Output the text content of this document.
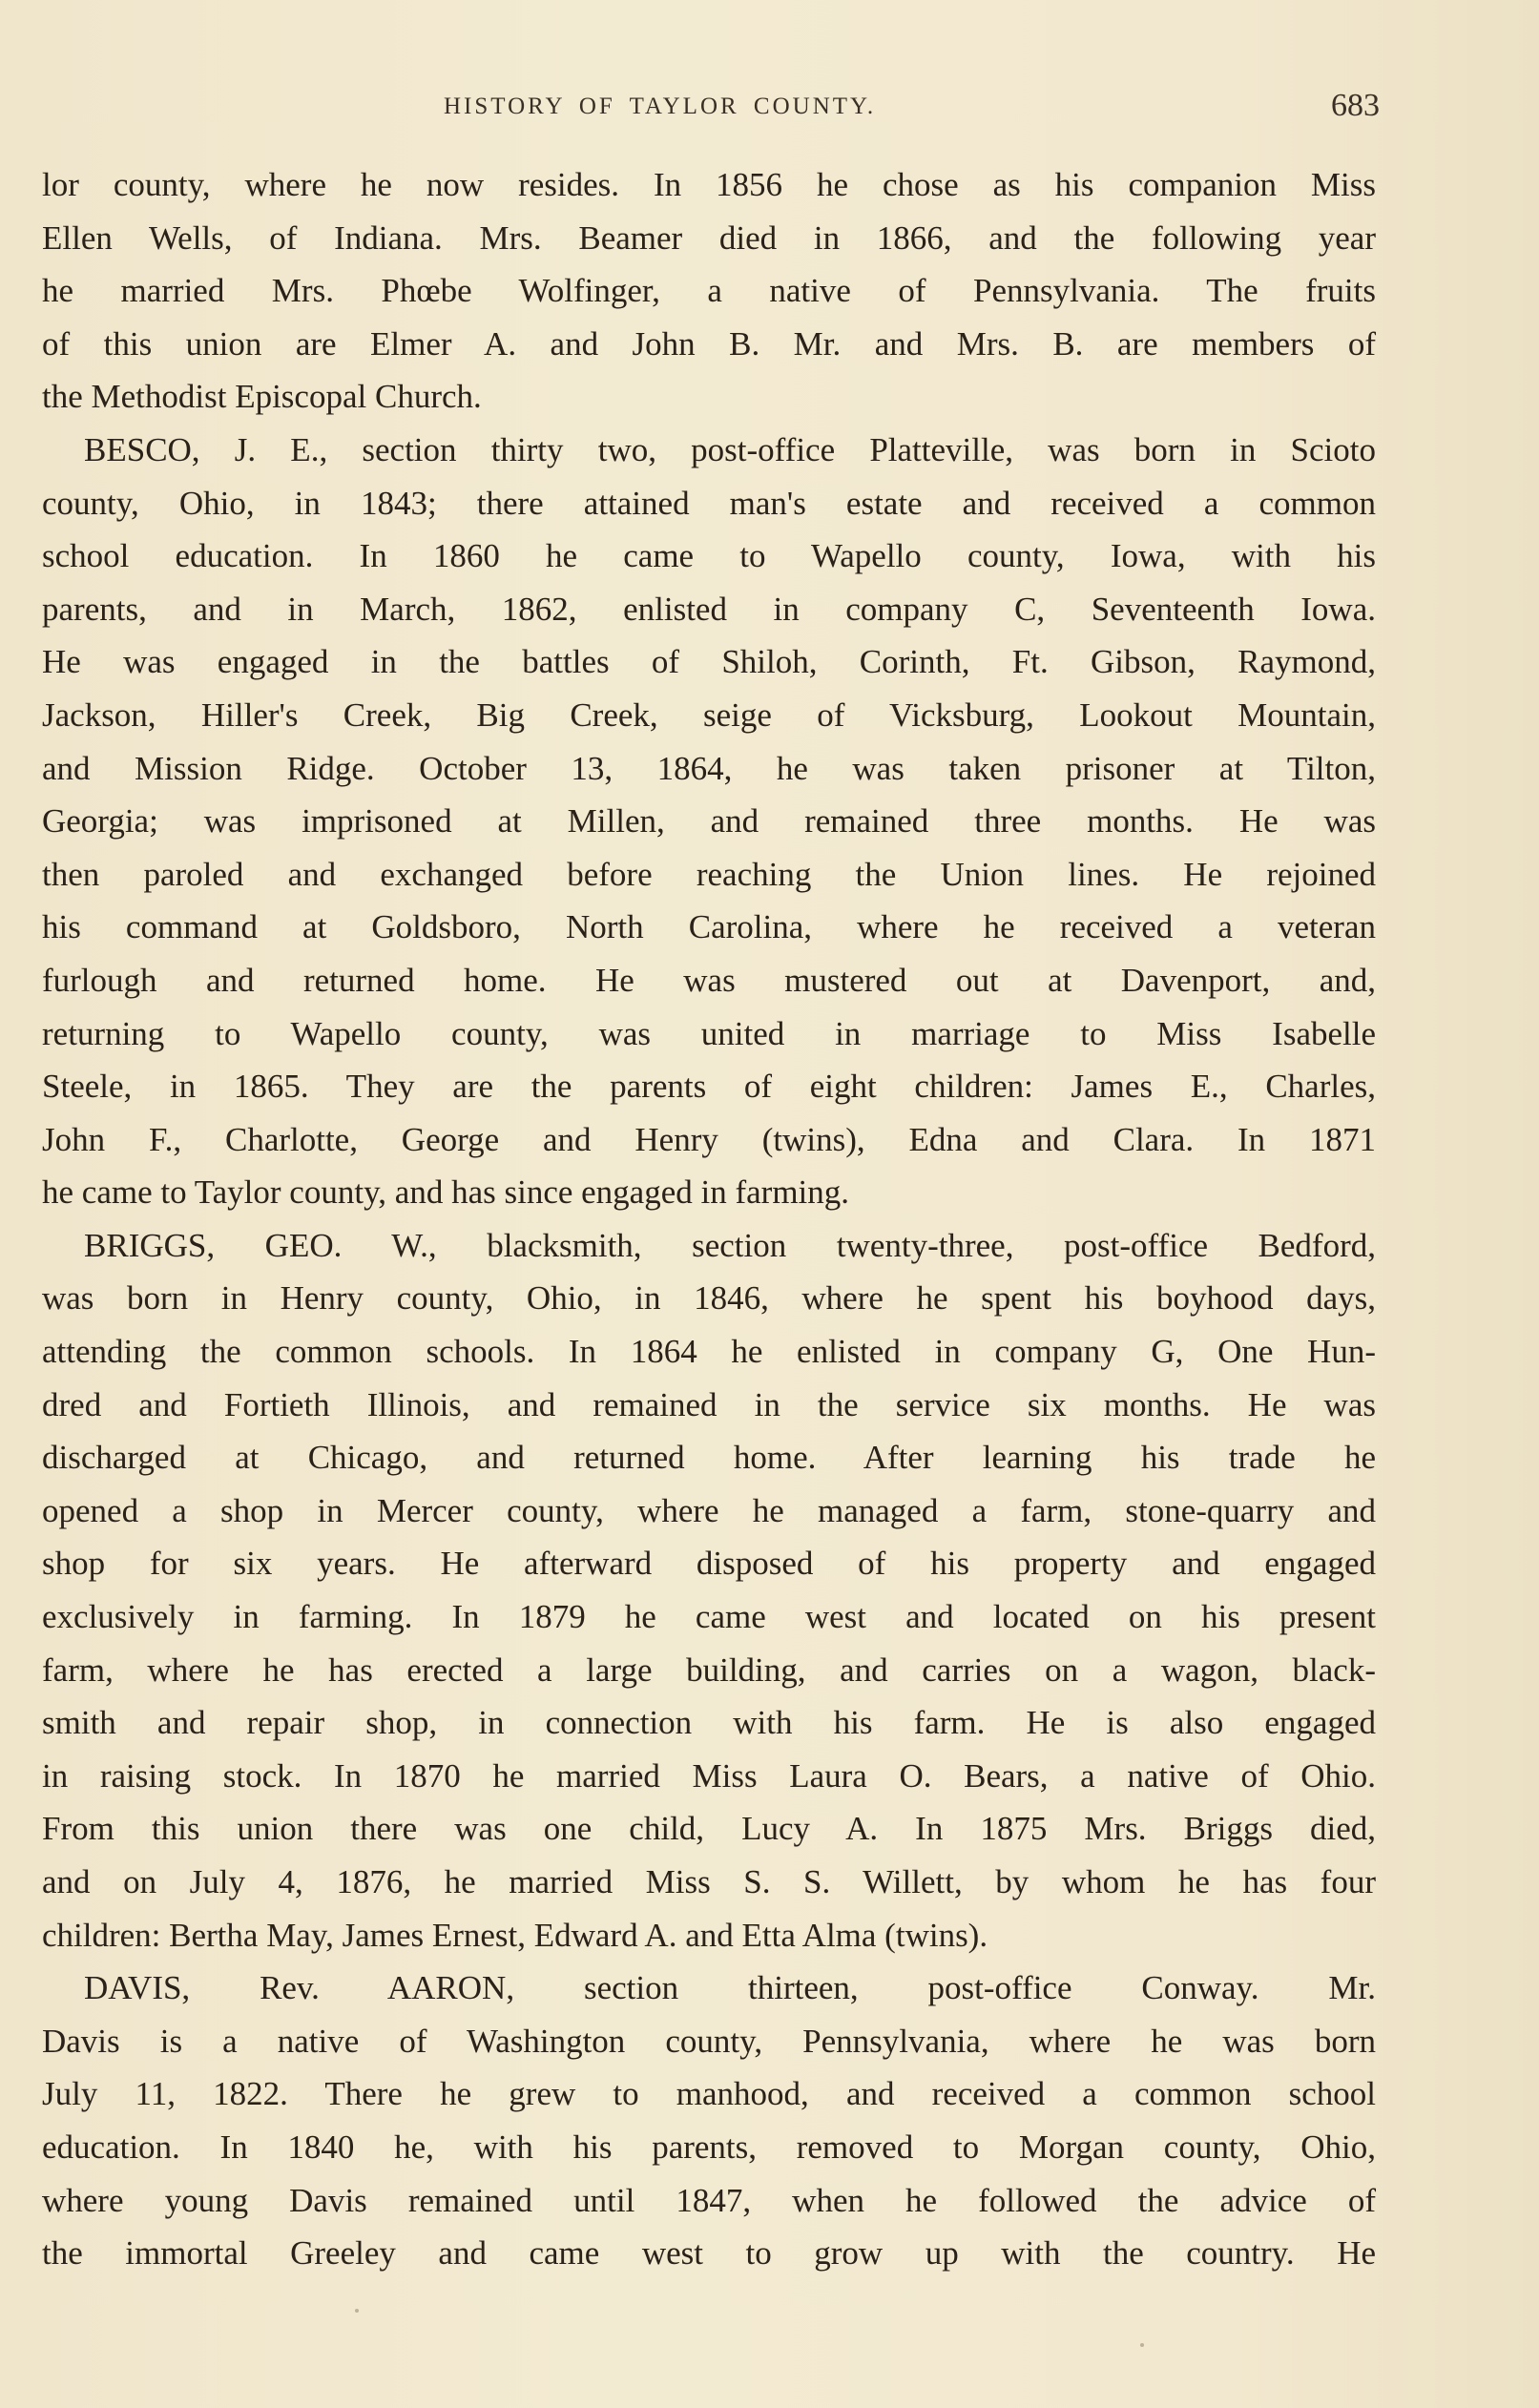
HISTORY OF TAYLOR COUNTY.	683
lor county, where he now resides. In 1856 he chose as his companion Miss
Ellen Wells, of Indiana. Mrs. Beamer died in 1866, and the following year
he married Mrs. Phœbe Wolfinger, a native of Pennsylvania. The fruits
of this union are Elmer A. and John B. Mr. and Mrs. B. are members of
the Methodist Episcopal Church.
BESCO, J. E., section thirty two, post-office Platteville, was born in Scioto
county, Ohio, in 1843; there attained man's estate and received a common
school education. In 1860 he came to Wapello county, Iowa, with his
parents, and in March, 1862, enlisted in company C, Seventeenth Iowa.
He was engaged in the battles of Shiloh, Corinth, Ft. Gibson, Raymond,
Jackson, Hiller's Creek, Big Creek, seige of Vicksburg, Lookout Mountain,
and Mission Ridge. October 13, 1864, he was taken prisoner at Tilton,
Georgia; was imprisoned at Millen, and remained three months. He was
then paroled and exchanged before reaching the Union lines. He rejoined
his command at Goldsboro, North Carolina, where he received a veteran
furlough and returned home. He was mustered out at Davenport, and,
returning to Wapello county, was united in marriage to Miss Isabelle
Steele, in 1865. They are the parents of eight children: James E., Charles,
John F., Charlotte, George and Henry (twins), Edna and Clara. In 1871
he came to Taylor county, and has since engaged in farming.
BRIGGS, GEO. W., blacksmith, section twenty-three, post-office Bedford,
was born in Henry county, Ohio, in 1846, where he spent his boyhood days,
attending the common schools. In 1864 he enlisted in company G, One Hun-
dred and Fortieth Illinois, and remained in the service six months. He was
discharged at Chicago, and returned home. After learning his trade he
opened a shop in Mercer county, where he managed a farm, stone-quarry and
shop for six years. He afterward disposed of his property and engaged
exclusively in farming. In 1879 he came west and located on his present
farm, where he has erected a large building, and carries on a wagon, black-
smith and repair shop, in connection with his farm. He is also engaged
in raising stock. In 1870 he married Miss Laura O. Bears, a native of Ohio.
From this union there was one child, Lucy A. In 1875 Mrs. Briggs died,
and on July 4, 1876, he married Miss S. S. Willett, by whom he has four
children: Bertha May, James Ernest, Edward A. and Etta Alma (twins).
DAVIS, Rev. AARON, section thirteen, post-office Conway. Mr.
Davis is a native of Washington county, Pennsylvania, where he was born
July 11, 1822. There he grew to manhood, and received a common school
education. In 1840 he, with his parents, removed to Morgan county, Ohio,
where young Davis remained until 1847, when he followed the advice of
the immortal Greeley and came west to grow up with the country. He
